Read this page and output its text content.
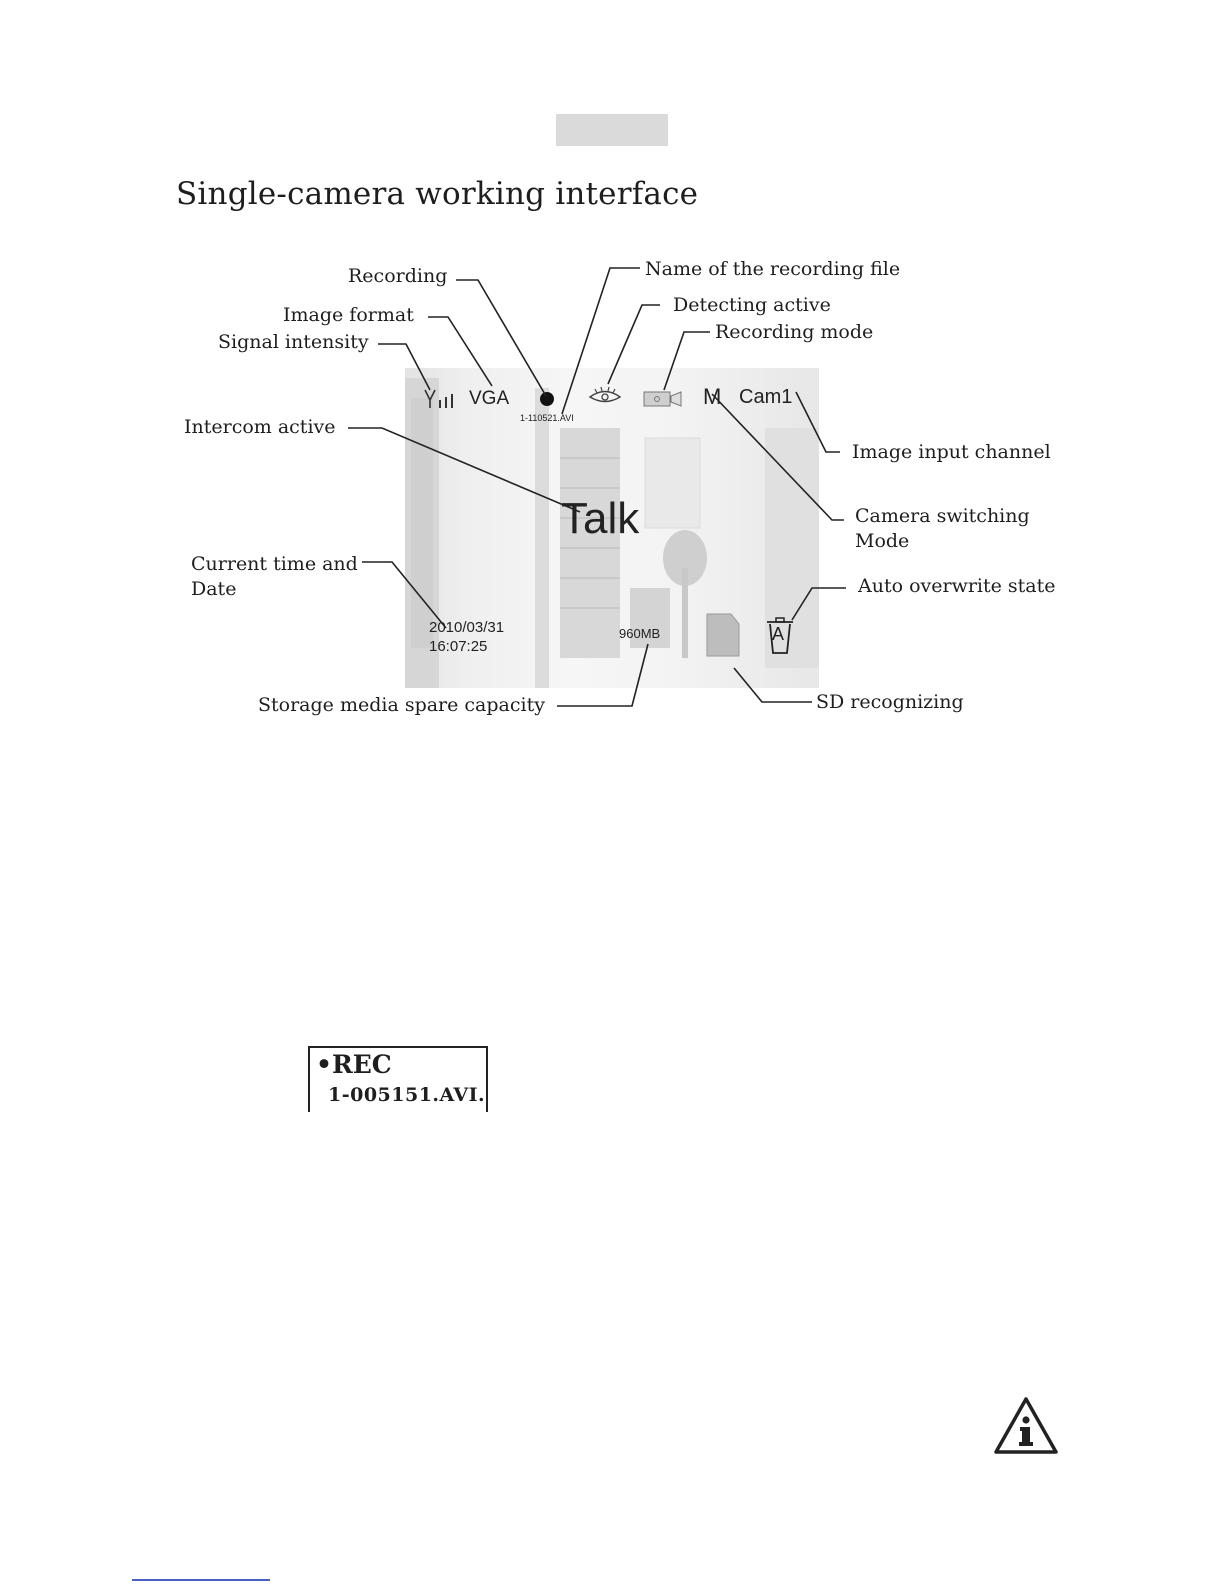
Single-camera working interface
VGA
1-110521.AVI
M Cam1
Talk
2010/03/31
16:07:25
960MB	A
Recording	Name of the recording file
Image format	Detecting active
Recording mode
Signal intensity
Intercom active
Image input channel
Camera switching
Mode
Current time and
Date	Auto overwrite state
Storage media spare capacity	SD recognizing
•REC
1-005151.AVI.
